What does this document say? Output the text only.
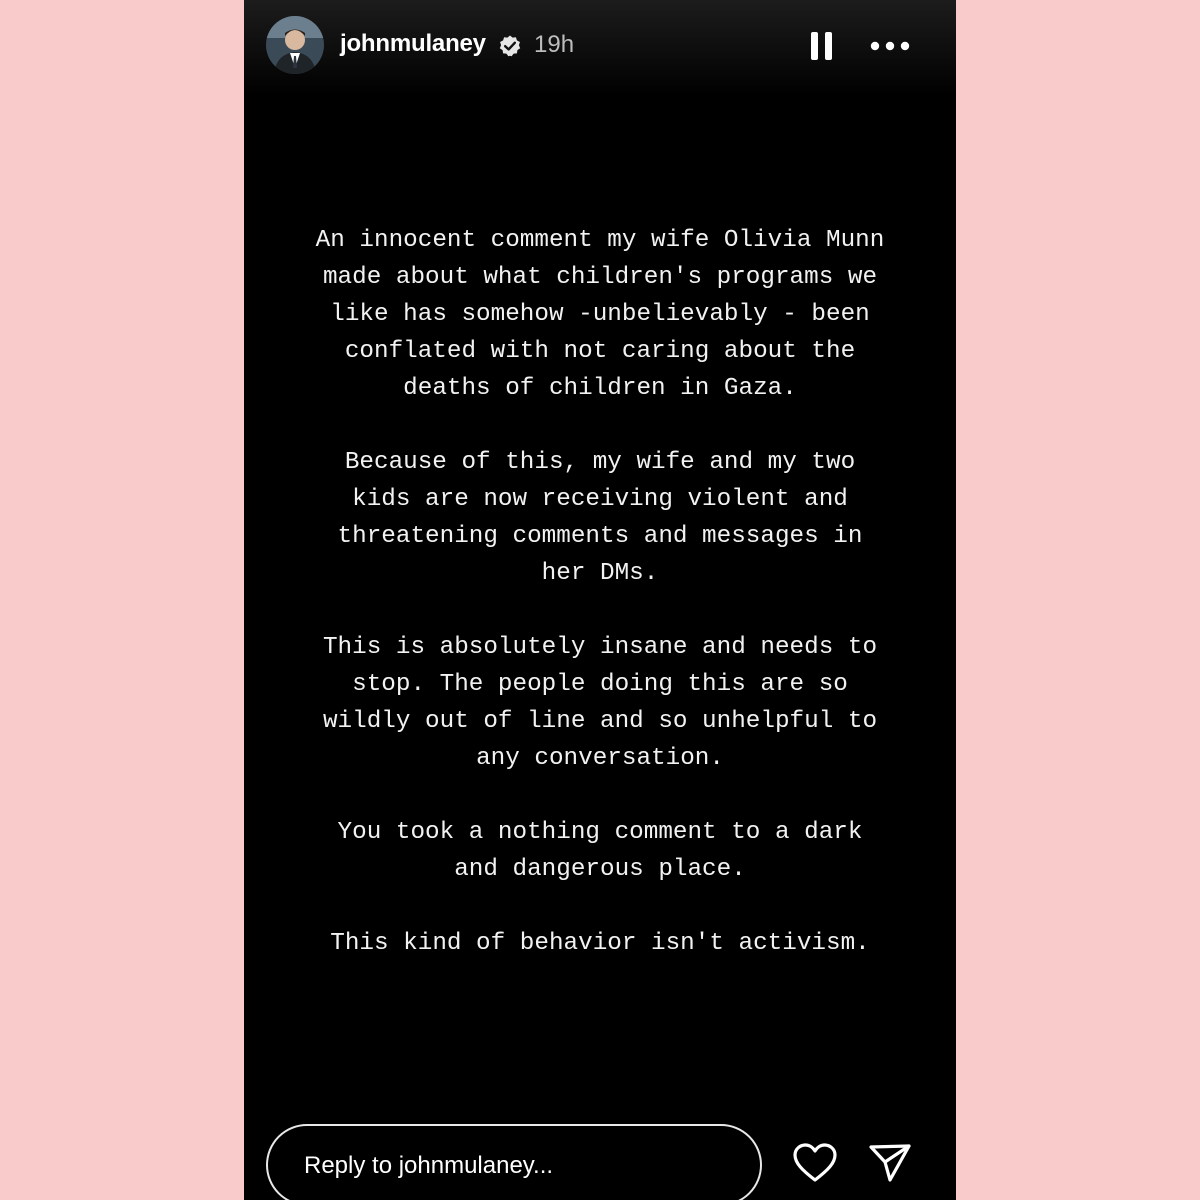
johnmulaney 19h

An innocent comment my wife Olivia Munn
made about what children's programs we
like has somehow -unbelievably - been
conflated with not caring about the
deaths of children in Gaza.

Because of this, my wife and my two
kids are now receiving violent and
threatening comments and messages in
her DMs.

This is absolutely insane and needs to
stop. The people doing this are so
wildly out of line and so unhelpful to
any conversation.

You took a nothing comment to a dark
and dangerous place.

This kind of behavior isn't activism.

Reply to johnmulaney...
